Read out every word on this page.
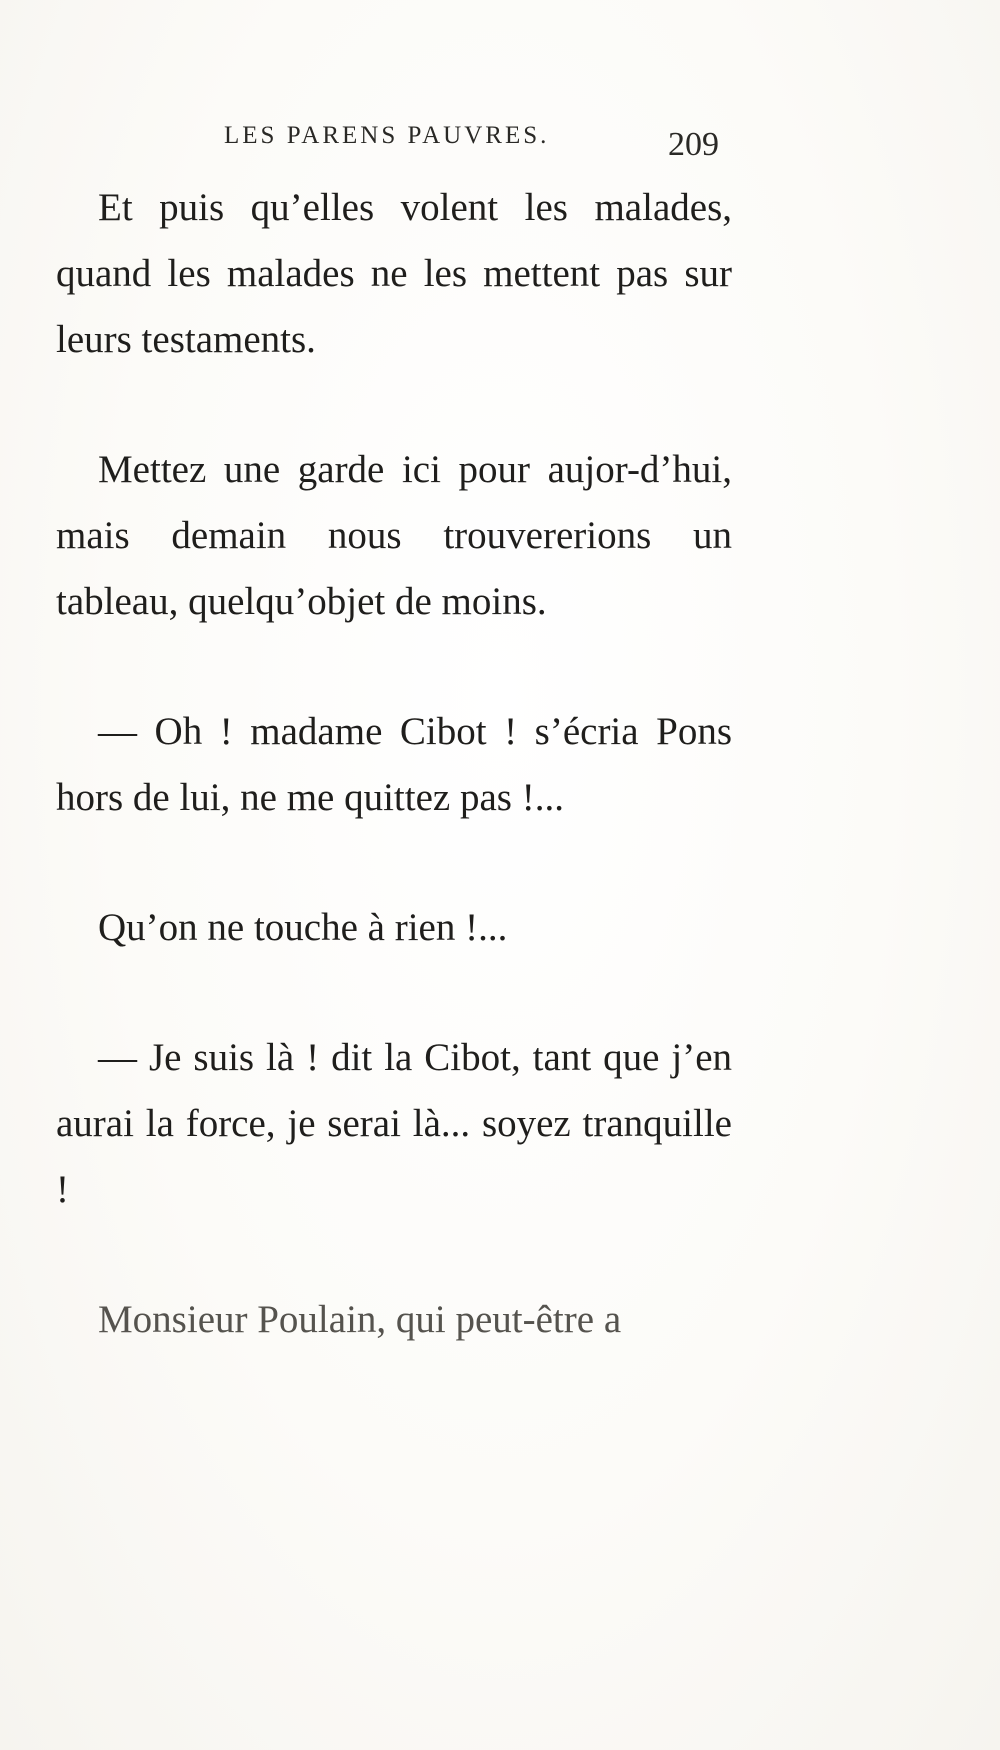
LES PARENS PAUVRES.	209

Et puis qu’elles volent les malades, quand les malades ne les mettent pas sur leurs testaments.

Mettez une garde ici pour aujor-d’hui, mais demain nous trouvererions un tableau, quelqu’objet de moins.

— Oh ! madame Cibot ! s’écria Pons hors de lui, ne me quittez pas !...

Qu’on ne touche à rien !...

— Je suis là ! dit la Cibot, tant que j’en aurai la force, je serai là... soyez tranquille !

Monsieur Poulain, qui peut-être a
